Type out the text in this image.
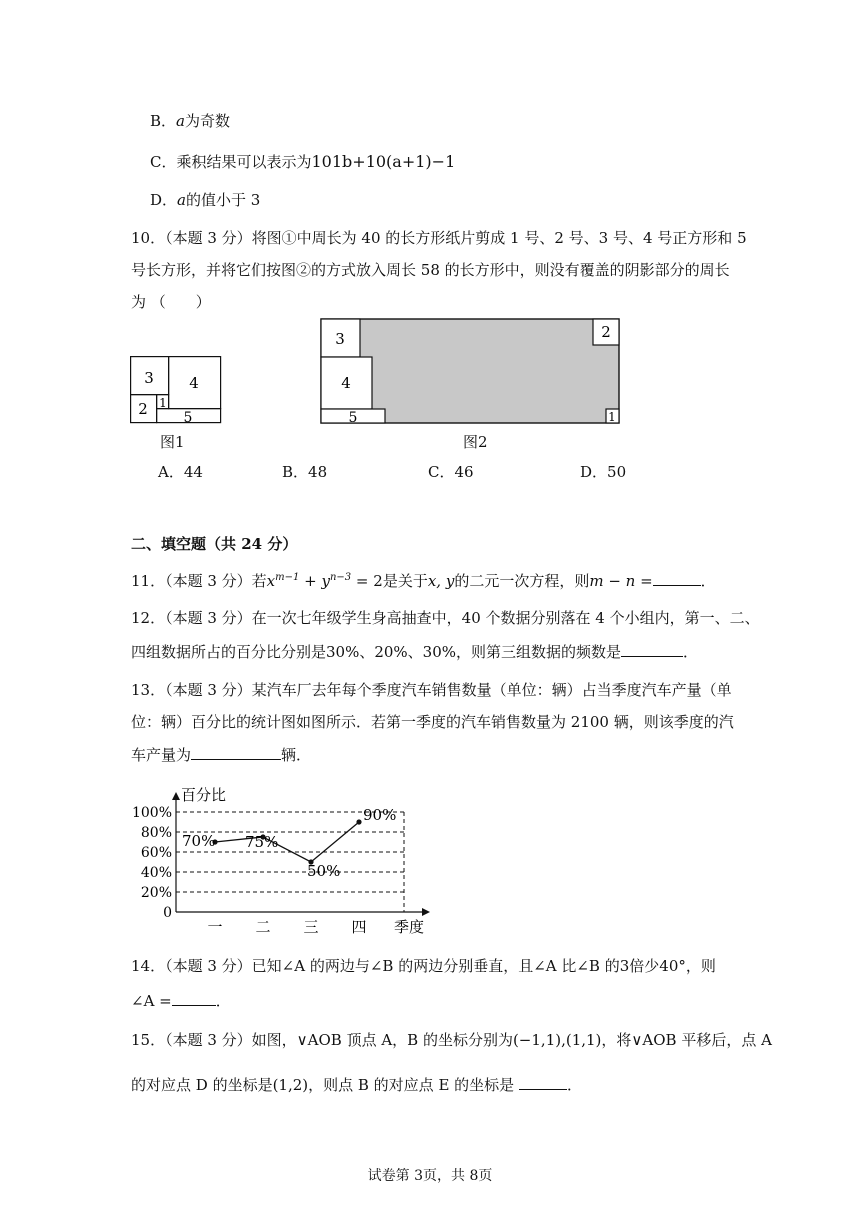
B．a为奇数
C．乘积结果可以表示为101b+10(a+1)−1
D．a的值小于 3
10．（本题 3 分）将图①中周长为 40 的长方形纸片剪成 1 号、2 号、3 号、4 号正方形和 5
号长方形，并将它们按图②的方式放入周长 58 的长方形中，则没有覆盖的阴影部分的周长
为 （　　）
3 4
2 1
5
图1
3
4
5
2
1
图2
A．44	B．48	C．46	D．50
二、填空题（共 24 分）
11．（本题 3 分）若$x^{m-1} + y^{n-3} = 2$是关于x, y的二元一次方程，则m − n =	．
12．（本题 3 分）在一次七年级学生身高抽查中，40 个数据分别落在 4 个小组内，第一、二、
四组数据所占的百分比分别是30%、20%、30%，则第三组数据的频数是	．
13．（本题 3 分）某汽车厂去年每个季度汽车销售数量（单位：辆）占当季度汽车产量（单
位：辆）百分比的统计图如图所示．若第一季度的汽车销售数量为 2100 辆，则该季度的汽
车产量为	辆．
0
20%
40%
60%
80%
100%
一 二 三 四
70% 75%
50%
90%
百分比
季度
14．（本题 3 分）已知∠A 的两边与∠B 的两边分别垂直，且∠A 比∠B 的3倍少40°，则
∠A =	．
15．（本题 3 分）如图，∨AOB 顶点 A，B 的坐标分别为(−1,1),(1,1)，将∨AOB 平移后，点 A
的对应点 D 的坐标是(1,2)，则点 B 的对应点 E 的坐标是	．
试卷第 3页，共 8页
